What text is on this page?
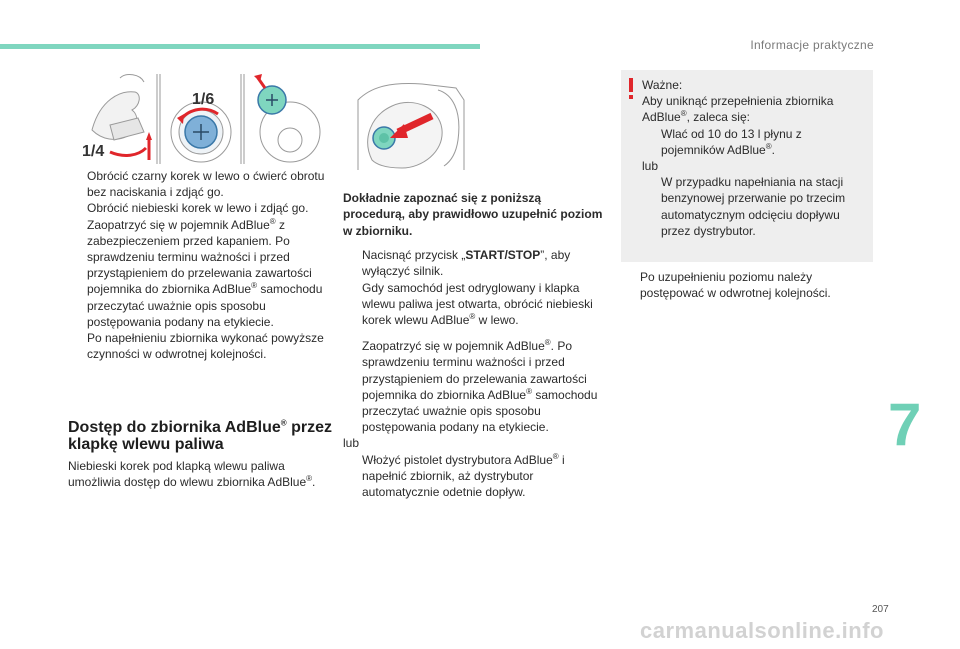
Informacje praktyczne
1/4
1/6
Obrócić czarny korek w lewo o ćwierć obrotu bez naciskania i zdjąć go.
Obrócić niebieski korek w lewo i zdjąć go.
Zaopatrzyć się w pojemnik AdBlue® z zabezpieczeniem przed kapaniem. Po sprawdzeniu terminu ważności i przed przystąpieniem do przelewania zawartości pojemnika do zbiornika AdBlue® samochodu przeczytać uważnie opis sposobu postępowania podany na etykiecie.
Po napełnieniu zbiornika wykonać powyższe czynności w odwrotnej kolejności.
Dostęp do zbiornika AdBlue® przez klapkę wlewu paliwa
Niebieski korek pod klapką wlewu paliwa umożliwia dostęp do wlewu zbiornika AdBlue®.
Dokładnie zapoznać się z poniższą procedurą, aby prawidłowo uzupełnić poziom w zbiorniku.
Nacisnąć przycisk „START/STOP”, aby wyłączyć silnik.
Gdy samochód jest odryglowany i klapka wlewu paliwa jest otwarta, obrócić niebieski korek wlewu AdBlue® w lewo.
Zaopatrzyć się w pojemnik AdBlue®. Po sprawdzeniu terminu ważności i przed przystąpieniem do przelewania zawartości pojemnika do zbiornika AdBlue® samochodu przeczytać uważnie opis sposobu postępowania podany na etykiecie.
lub
Włożyć pistolet dystrybutora AdBlue® i napełnić zbiornik, aż dystrybutor automatycznie odetnie dopływ.
Ważne:
Aby uniknąć przepełnienia zbiornika AdBlue®, zaleca się:
Wlać od 10 do 13 l płynu z pojemników AdBlue®.
lub
W przypadku napełniania na stacji benzynowej przerwanie po trzecim automatycznym odcięciu dopływu przez dystrybutor.
Po uzupełnieniu poziomu należy postępować w odwrotnej kolejności.
7
207
carmanualsonline.info
